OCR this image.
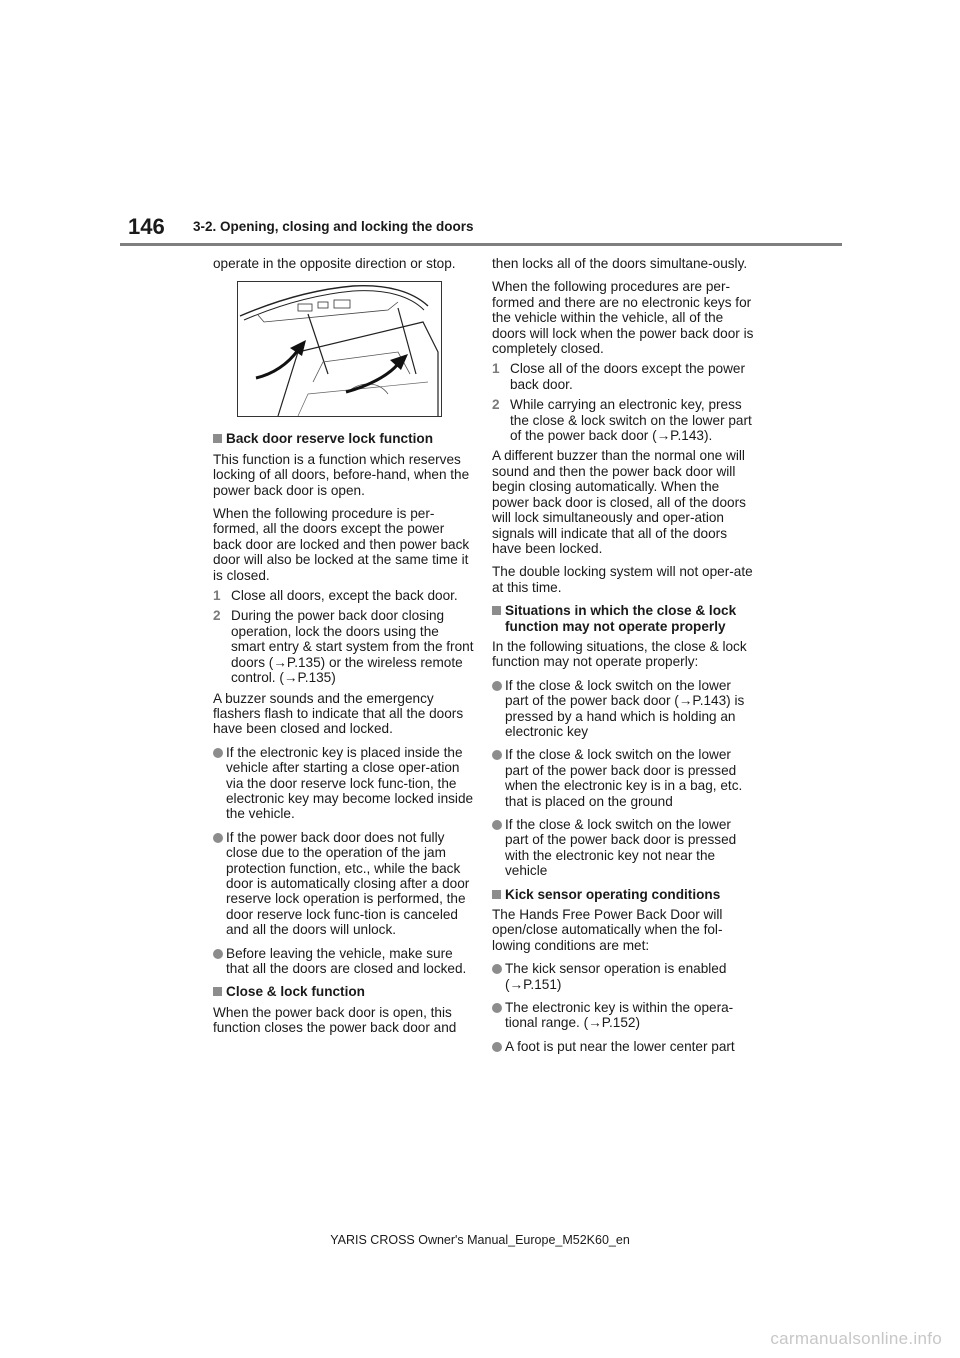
146 3-2. Opening, closing and locking the doors

operate in the opposite direction or stop.

Back door reserve lock function

This function is a function which reserves locking of all doors, before-hand, when the power back door is open.

When the following procedure is per-formed, all the doors except the power back door are locked and then power back door will also be locked at the same time it is closed.

1 Close all doors, except the back door.
2 During the power back door closing operation, lock the doors using the smart entry & start system from the front doors (→P.135) or the wireless remote control. (→P.135)

A buzzer sounds and the emergency flashers flash to indicate that all the doors have been closed and locked.

If the electronic key is placed inside the vehicle after starting a close oper-ation via the door reserve lock func-tion, the electronic key may become locked inside the vehicle.
If the power back door does not fully close due to the operation of the jam protection function, etc., while the back door is automatically closing after a door reserve lock operation is performed, the door reserve lock func-tion is canceled and all the doors will unlock.
Before leaving the vehicle, make sure that all the doors are closed and locked.
Close & lock function

When the power back door is open, this function closes the power back door and

then locks all of the doors simultane-ously.

When the following procedures are per-formed and there are no electronic keys for the vehicle within the vehicle, all of the doors will lock when the power back door is completely closed.

1 Close all of the doors except the power back door.
2 While carrying an electronic key, press the close & lock switch on the lower part of the power back door (→P.143).

A different buzzer than the normal one will sound and then the power back door will begin closing automatically. When the power back door is closed, all of the doors will lock simultaneously and oper-ation signals will indicate that all of the doors have been locked.

The double locking system will not oper-ate at this time.

Situations in which the close & lock function may not operate properly

In the following situations, the close & lock function may not operate properly:

If the close & lock switch on the lower part of the power back door (→P.143) is pressed by a hand which is holding an electronic key
If the close & lock switch on the lower part of the power back door is pressed when the electronic key is in a bag, etc. that is placed on the ground
If the close & lock switch on the lower part of the power back door is pressed with the electronic key not near the vehicle
Kick sensor operating conditions

The Hands Free Power Back Door will open/close automatically when the fol-lowing conditions are met:

The kick sensor operation is enabled (→P.151)
The electronic key is within the opera-tional range. (→P.152)
A foot is put near the lower center part
YARIS CROSS Owner's Manual_Europe_M52K60_en
carmanualsonline.info
